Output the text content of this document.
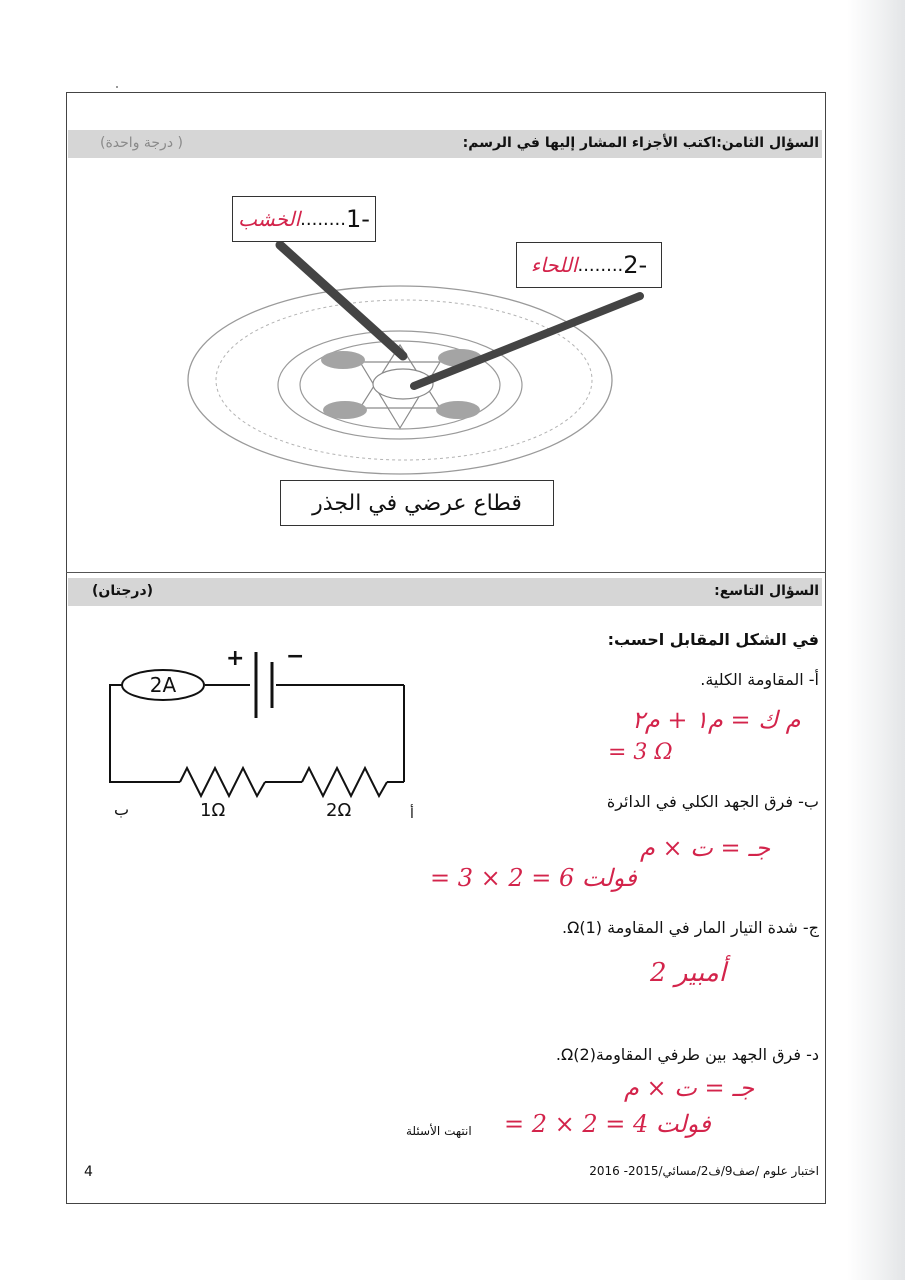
السؤال الثامن:اكتب الأجزاء المشار إليها في الرسم:
( درجة واحدة)
الخشب ........ 1-
اللحاء ........ 2-
قطاع عرضي في الجذر
السؤال التاسع:
(درجتان)
في الشكل المقابل احسب:
2A
+ −
1Ω	2Ω
ب	أ
أ- المقاومة الكلية.
م ك = م١ + م٢
= 3 Ω
ب- فرق الجهد الكلي في الدائرة
جـ = ت × م
= 3 × 2 = 6 فولت
ج- شدة التيار المار في المقاومة (1)Ω.
2 أمبير
د- فرق الجهد بين طرفي المقاومة(2)Ω.
جـ = ت × م
= 2 × 2 = 4 فولت
انتهت الأسئلة
4	اختبار علوم /صف9/ف2/مسائي/2015- 2016
